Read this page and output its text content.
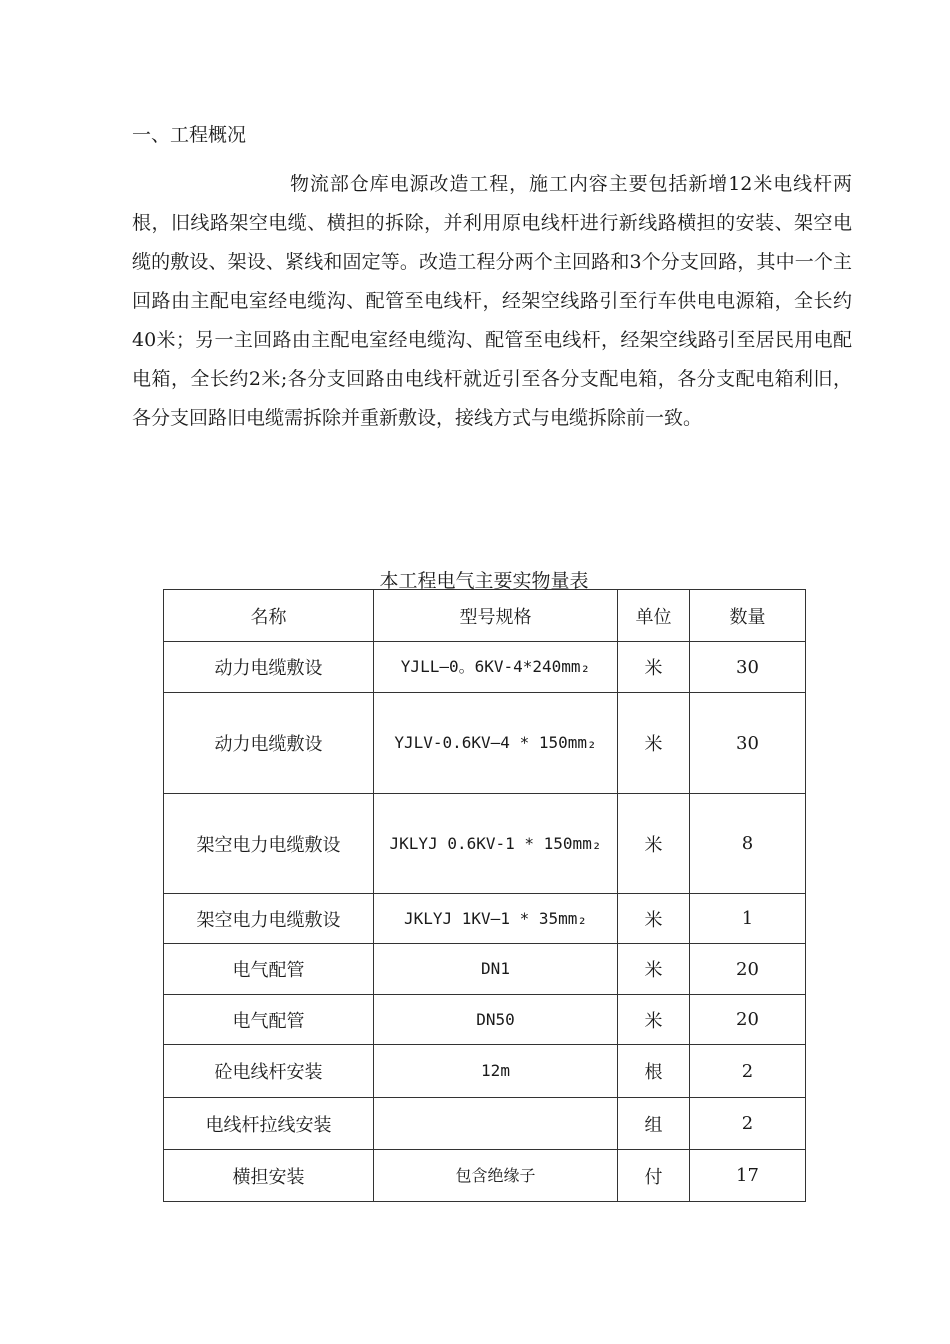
一、工程概况

物流部仓库电源改造工程，施工内容主要包括新增12米电线杆两根，旧线路架空电缆、横担的拆除，并利用原电线杆进行新线路横担的安装、架空电缆的敷设、架设、紧线和固定等。改造工程分两个主回路和3个分支回路，其中一个主回路由主配电室经电缆沟、配管至电线杆，经架空线路引至行车供电电源箱，全长约40米；另一主回路由主配电室经电缆沟、配管至电线杆，经架空线路引至居民用电配电箱，全长约2米;各分支回路由电线杆就近引至各分支配电箱，各分支配电箱利旧，各分支回路旧电缆需拆除并重新敷设，接线方式与电缆拆除前一致。

本工程电气主要实物量表
名称	型号规格	单位	数量
动力电缆敷设	YJLL—0。6KV-4*240mm₂	米	30
动力电缆敷设	YJLV-0.6KV—4 * 150mm₂	米	30
架空电力电缆敷设	JKLYJ 0.6KV-1 * 150mm₂	米	8
架空电力电缆敷设	JKLYJ 1KV—1 * 35mm₂	米	1
电气配管	DN1	米	20
电气配管	DN50	米	20
砼电线杆安装	12m	根	2
电线杆拉线安装		组	2
横担安装	包含绝缘子	付	17
